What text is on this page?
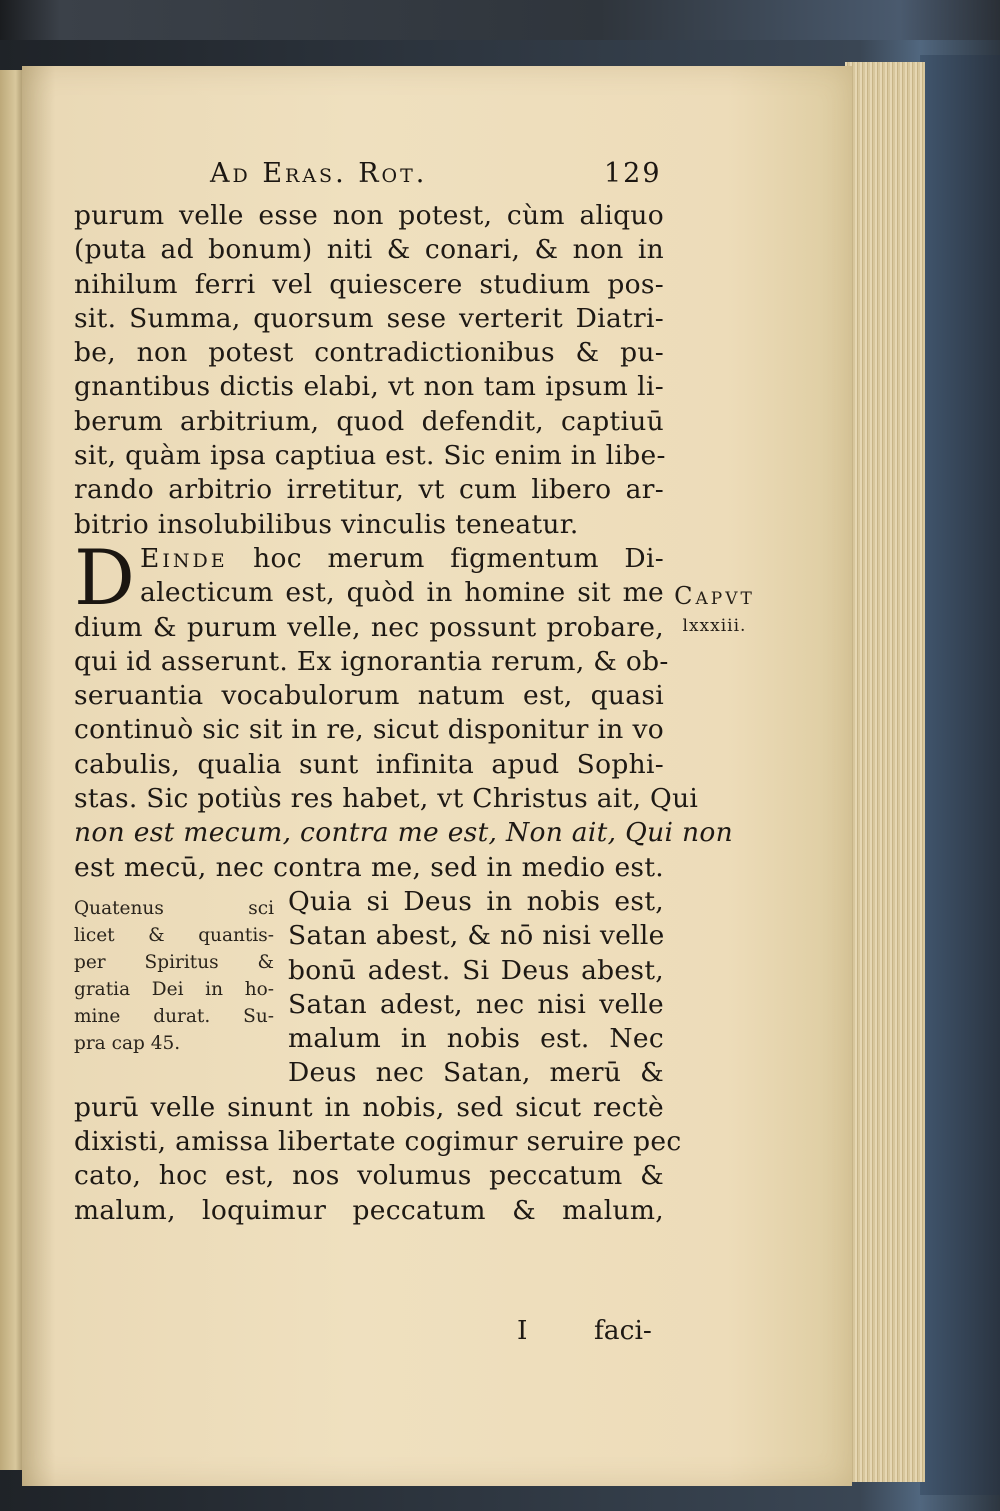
Ad Eras. Rot.	129
Capvt
lxxxiii.
purum velle esse non potest, cùm aliquo
(puta ad bonum) niti & conari, & non in
nihilum ferri vel quiescere studium pos-
sit. Summa, quorsum sese verterit Diatri-
be, non potest contradictionibus & pu-
gnantibus dictis elabi, vt non tam ipsum li-
berum arbitrium, quod defendit, captiuū
sit, quàm ipsa captiua est. Sic enim in libe-
rando arbitrio irretitur, vt cum libero ar-
bitrio insolubilibus vinculis teneatur.
D Einde hoc merum figmentum Di-
alecticum est, quòd in homine sit me
dium & purum velle, nec possunt probare,
qui id asserunt. Ex ignorantia rerum, & ob-
seruantia vocabulorum natum est, quasi
continuò sic sit in re, sicut disponitur in vo
cabulis, qualia sunt infinita apud Sophi-
stas. Sic potiùs res habet, vt Christus ait, Qui
non est mecum, contra me est, Non ait, Qui non
est mecū, nec contra me, sed in medio est.
Quatenus sci
licet & quantis-
per Spiritus &
gratia Dei in ho-
mine durat. Su-
pra cap 45.
Quia si Deus in nobis est,
Satan abest, & nō nisi velle
bonū adest. Si Deus abest,
Satan adest, nec nisi velle
malum in nobis est. Nec
Deus nec Satan, merū &
purū velle sinunt in nobis, sed sicut rectè
dixisti, amissa libertate cogimur seruire pec
cato, hoc est, nos volumus peccatum &
malum, loquimur peccatum & malum,
I	faci-
